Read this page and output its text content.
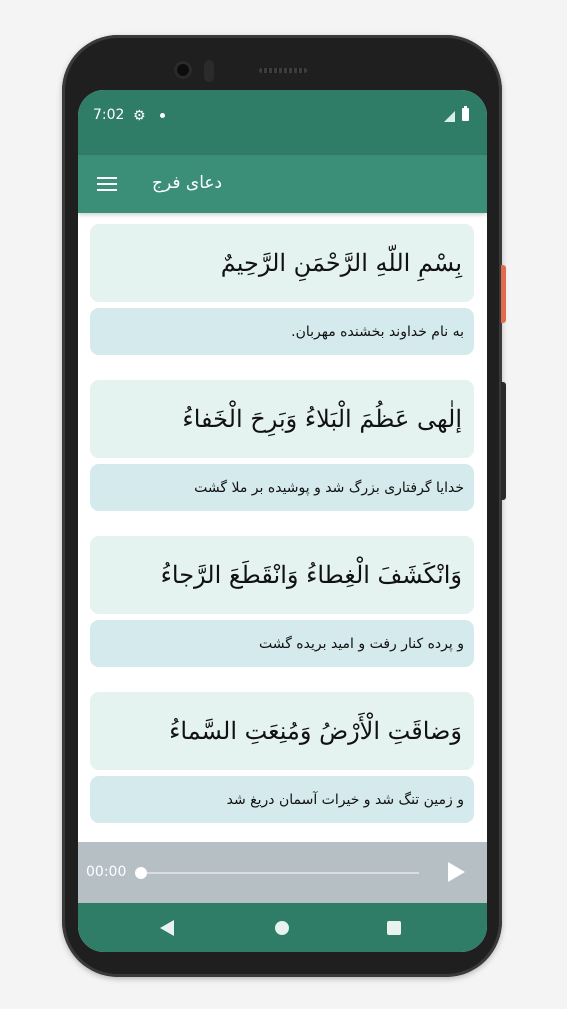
7:02 ⚙
دعای فرج
بِسْمِ اللّهِ الرَّحْمَنِ الرَّحِيمٌ
به نام خداوند بخشنده مهربان.
إلٰهى عَظُمَ الْبَلاءُ وَبَرِحَ الْخَفاءُ
خدایا گرفتاری بزرگ شد و پوشیده بر ملا گشت
وَانْكَشَفَ الْغِطاءُ وَانْقَطَعَ الرَّجاءُ
و پرده کنار رفت و امید بریده گشت
وَضاقَتِ الْأَرْضُ وَمُنِعَتِ السَّماءُ
و زمین تنگ شد و خیرات آسمان دریغ شد
00:00
